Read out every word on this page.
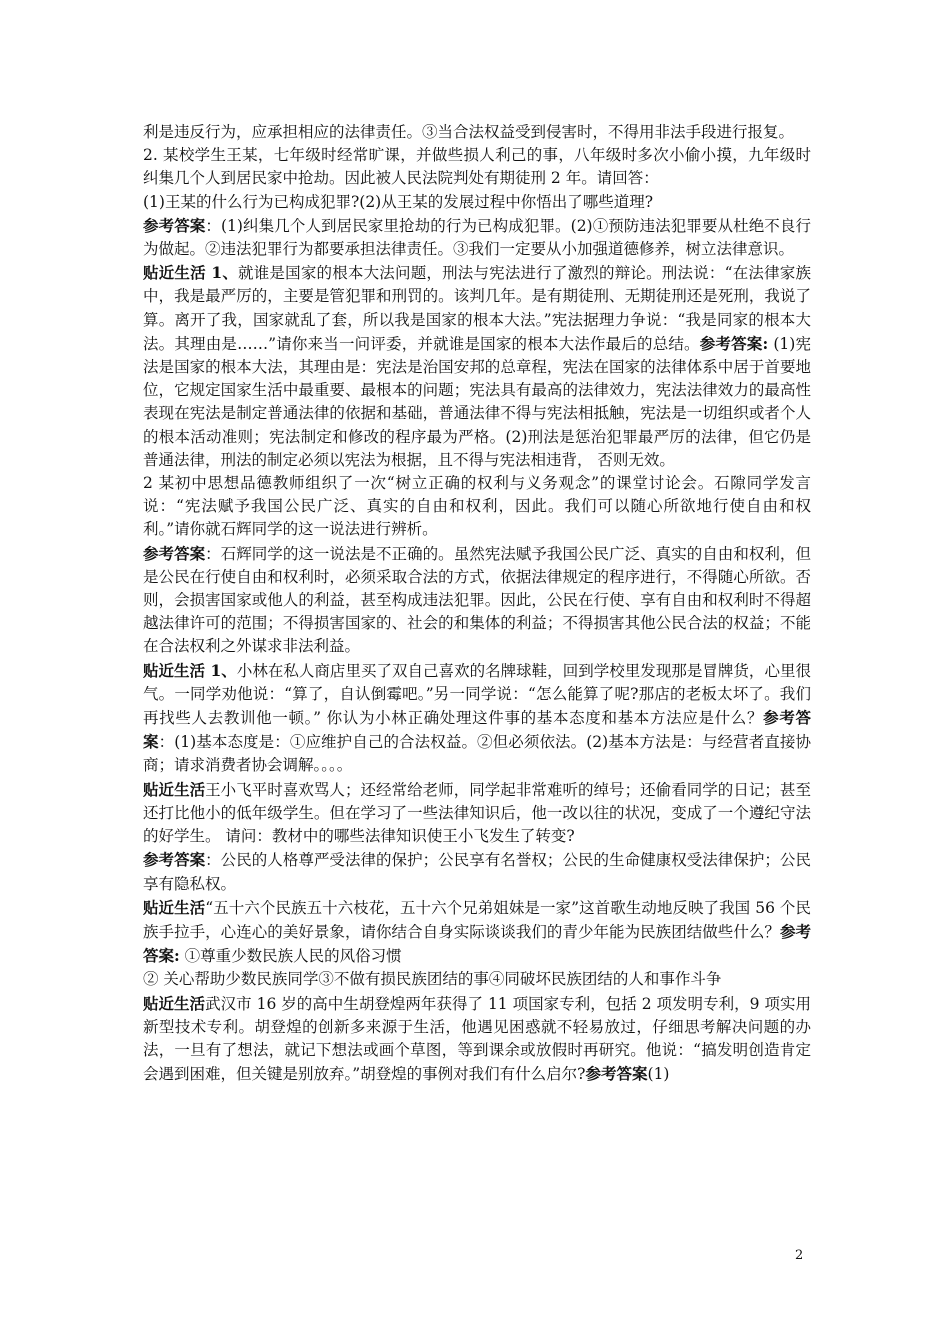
利是违反行为，应承担相应的法律责任。③当合法权益受到侵害时，不得用非法手段进行报复。

2. 某校学生王某，七年级时经常旷课，并做些损人利己的事，八年级时多次小偷小摸，九年级时纠集几个人到居民家中抢劫。因此被人民法院判处有期徒刑 2 年。请回答：

(1)王某的什么行为已构成犯罪?(2)从王某的发展过程中你悟出了哪些道理?

参考答案：(1)纠集几个人到居民家里抢劫的行为已构成犯罪。(2)①预防违法犯罪要从杜绝不良行为做起。②违法犯罪行为都要承担法律责任。③我们一定要从小加强道德修养，树立法律意识。

贴近生活 1、就谁是国家的根本大法问题，刑法与宪法进行了激烈的辩论。刑法说：“在法律家族中，我是最严厉的，主要是管犯罪和刑罚的。该判几年。是有期徒刑、无期徒刑还是死刑，我说了算。离开了我，国家就乱了套，所以我是国家的根本大法。”宪法据理力争说：“我是同家的根本大法。其理由是……”请你来当一问评委，并就谁是国家的根本大法作最后的总结。参考答案: (1)宪法是国家的根本大法，其理由是：宪法是治国安邦的总章程，宪法在国家的法律体系中居于首要地位，它规定国家生活中最重要、最根本的问题；宪法具有最高的法律效力，宪法法律效力的最高性表现在宪法是制定普通法律的依据和基础，普通法律不得与宪法相抵触，宪法是一切组织或者个人的根本活动准则；宪法制定和修改的程序最为严格。(2)刑法是惩治犯罪最严厉的法律，但它仍是普通法律，刑法的制定必须以宪法为根据，且不得与宪法相违背， 否则无效。

2 某初中思想品德教师组织了一次“树立正确的权利与义务观念”的课堂讨论会。石隙同学发言说：“宪法赋予我国公民广泛、真实的自由和权利，因此。我们可以随心所欲地行使自由和权利。”请你就石辉同学的这一说法进行辨析。

参考答案：石辉同学的这一说法是不正确的。虽然宪法赋予我国公民广泛、真实的自由和权利，但是公民在行使自由和权利时，必须采取合法的方式，依据法律规定的程序进行，不得随心所欲。否则，会损害国家或他人的利益，甚至构成违法犯罪。因此，公民在行使、享有自由和权利时不得超越法律许可的范围；不得损害国家的、社会的和集体的利益；不得损害其他公民合法的权益；不能在合法权利之外谋求非法利益。

贴近生活 1、小林在私人商店里买了双自己喜欢的名牌球鞋，回到学校里发现那是冒牌货，心里很气。一同学劝他说：“算了，自认倒霉吧。”另一同学说：“怎么能算了呢?那店的老板太坏了。我们再找些人去教训他一顿。” 你认为小林正确处理这件事的基本态度和基本方法应是什么？参考答案：(1)基本态度是：①应维护自己的合法权益。②但必须依法。(2)基本方法是：与经营者直接协商；请求消费者协会调解。。。。

贴近生活王小飞平时喜欢骂人；还经常给老师，同学起非常难听的绰号；还偷看同学的日记；甚至还打比他小的低年级学生。但在学习了一些法律知识后，他一改以往的状况，变成了一个遵纪守法的好学生。 请问：教材中的哪些法律知识使王小飞发生了转变?

参考答案：公民的人格尊严受法律的保护；公民享有名誉权；公民的生命健康权受法律保护；公民享有隐私权。

贴近生活“五十六个民族五十六枝花，五十六个兄弟姐妹是一家”这首歌生动地反映了我国 56 个民族手拉手，心连心的美好景象，请你结合自身实际谈谈我们的青少年能为民族团结做些什么？参考答案: ①尊重少数民族人民的风俗习惯

② 关心帮助少数民族同学③不做有损民族团结的事④同破坏民族团结的人和事作斗争

贴近生活武汉市 16 岁的高中生胡登煌两年获得了 11 项国家专利，包括 2 项发明专利，9 项实用新型技术专利。胡登煌的创新多来源于生活，他遇见困惑就不轻易放过，仔细思考解决问题的办法，一旦有了想法，就记下想法或画个草图，等到课余或放假时再研究。他说：“搞发明创造肯定会遇到困难，但关键是别放弃。”胡登煌的事例对我们有什么启尔?参考答案(1)

2
